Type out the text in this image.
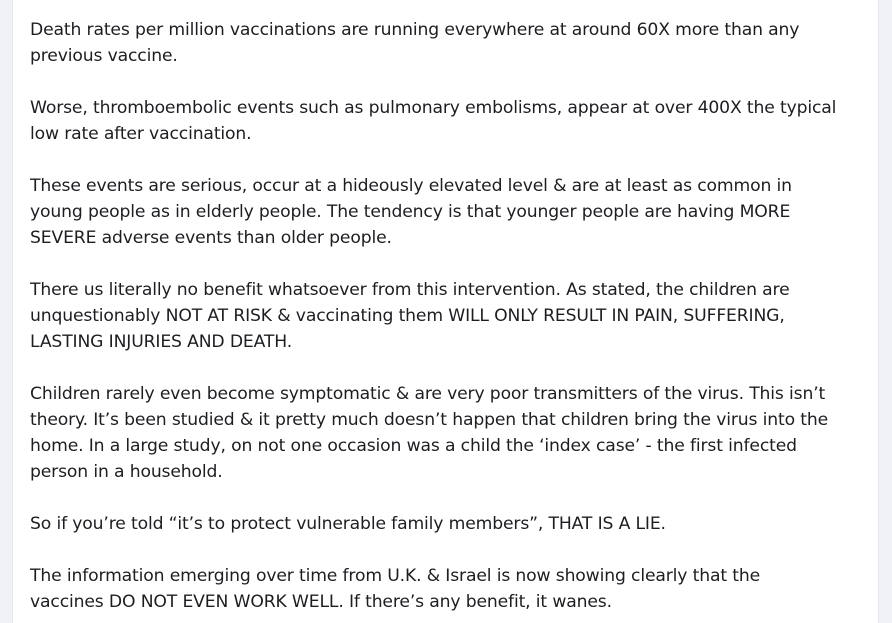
Death rates per million vaccinations are running everywhere at around 60X more than any
previous vaccine.

Worse, thromboembolic events such as pulmonary embolisms, appear at over 400X the typical
low rate after vaccination.

These events are serious, occur at a hideously elevated level & are at least as common in
young people as in elderly people. The tendency is that younger people are having MORE
SEVERE adverse events than older people.

There us literally no benefit whatsoever from this intervention. As stated, the children are
unquestionably NOT AT RISK & vaccinating them WILL ONLY RESULT IN PAIN, SUFFERING,
LASTING INJURIES AND DEATH.

Children rarely even become symptomatic & are very poor transmitters of the virus. This isn’t
theory. It’s been studied & it pretty much doesn’t happen that children bring the virus into the
home. In a large study, on not one occasion was a child the ‘index case’ - the first infected
person in a household.

So if you’re told “it’s to protect vulnerable family members”, THAT IS A LIE.

The information emerging over time from U.K. & Israel is now showing clearly that the
vaccines DO NOT EVEN WORK WELL. If there’s any benefit, it wanes.
